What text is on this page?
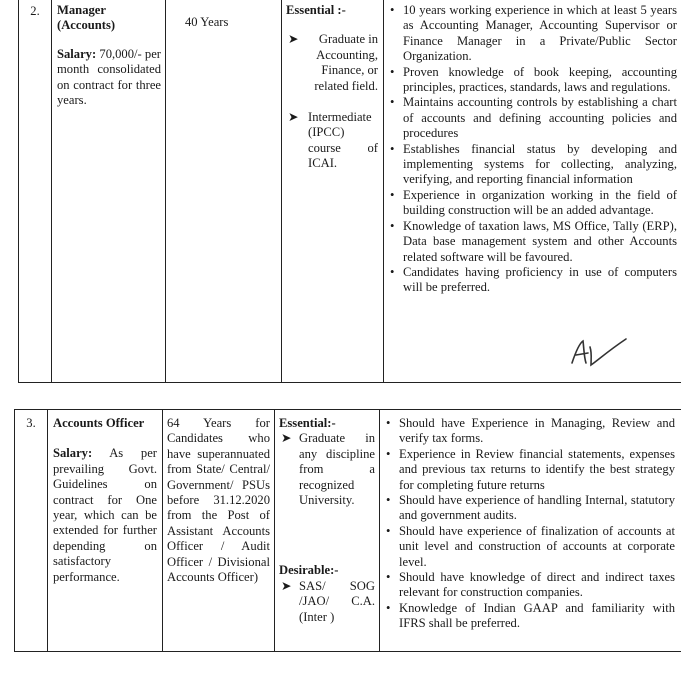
2.	Manager (Accounts)
Salary: 70,000/- per month consolidated on contract for three years.
40 Years
Essential :-
➤ Graduate in Accounting, Finance, or related field.
➤ Intermediate (IPCC) course of ICAI.
• 10 years working experience in which at least 5 years as Accounting Manager, Accounting Supervisor or Finance Manager in a Private/Public Sector Organization.
• Proven knowledge of book keeping, accounting principles, practices, standards, laws and regulations.
• Maintains accounting controls by establishing a chart of accounts and defining accounting policies and procedures
• Establishes financial status by developing and implementing systems for collecting, analyzing, verifying, and reporting financial information
• Experience in organization working in the field of building construction will be an added advantage.
• Knowledge of taxation laws, MS Office, Tally (ERP), Data base management system and other Accounts related software will be favoured.
• Candidates having proficiency in use of computers will be preferred.
3.	Accounts Officer
Salary: As per prevailing Govt. Guidelines on contract for One year, which can be extended for further depending on satisfactory performance.
64 Years for Candidates who have superannuated from State/ Central/ Government/ PSUs before 31.12.2020 from the Post of Assistant Accounts Officer / Audit Officer / Divisional Accounts Officer)
Essential:-
➤ Graduate in any discipline from a recognized University.
Desirable:-
➤ SAS/ SOG /JAO/ C.A. (Inter )
• Should have Experience in Managing, Review and verify tax forms.
• Experience in Review financial statements, expenses and previous tax returns to identify the best strategy for completing future returns
• Should have experience of handling Internal, statutory and government audits.
• Should have experience of finalization of accounts at unit level and construction of accounts at corporate level.
• Should have knowledge of direct and indirect taxes relevant for construction companies.
• Knowledge of Indian GAAP and familiarity with IFRS shall be preferred.
